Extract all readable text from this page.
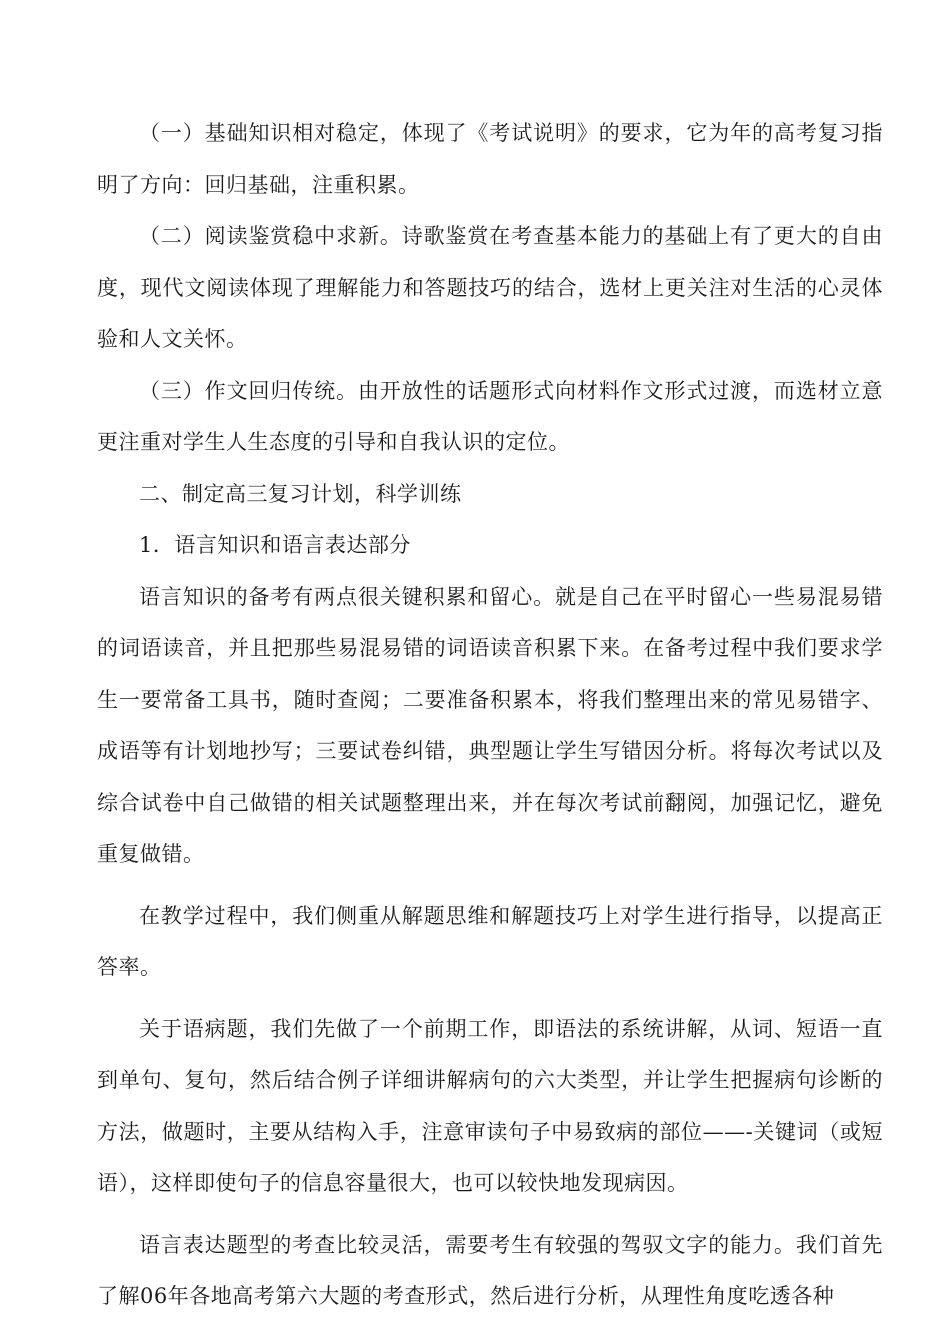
（一）基础知识相对稳定，体现了《考试说明》的要求，它为年的高考复习指明了方向：回归基础，注重积累。

（二）阅读鉴赏稳中求新。诗歌鉴赏在考查基本能力的基础上有了更大的自由度，现代文阅读体现了理解能力和答题技巧的结合，选材上更关注对生活的心灵体验和人文关怀。

（三）作文回归传统。由开放性的话题形式向材料作文形式过渡，而选材立意更注重对学生人生态度的引导和自我认识的定位。

二、制定高三复习计划，科学训练

1．语言知识和语言表达部分

语言知识的备考有两点很关键积累和留心。就是自己在平时留心一些易混易错的词语读音，并且把那些易混易错的词语读音积累下来。在备考过程中我们要求学生一要常备工具书，随时查阅；二要准备积累本，将我们整理出来的常见易错字、成语等有计划地抄写；三要试卷纠错，典型题让学生写错因分析。将每次考试以及综合试卷中自己做错的相关试题整理出来，并在每次考试前翻阅，加强记忆，避免重复做错。

在教学过程中，我们侧重从解题思维和解题技巧上对学生进行指导，以提高正答率。

关于语病题，我们先做了一个前期工作，即语法的系统讲解，从词、短语一直到单句、复句，然后结合例子详细讲解病句的六大类型，并让学生把握病句诊断的方法，做题时，主要从结构入手，注意审读句子中易致病的部位——-关键词（或短语），这样即使句子的信息容量很大，也可以较快地发现病因。

语言表达题型的考查比较灵活，需要考生有较强的驾驭文字的能力。我们首先了解06年各地高考第六大题的考查形式，然后进行分析，从理性角度吃透各种
